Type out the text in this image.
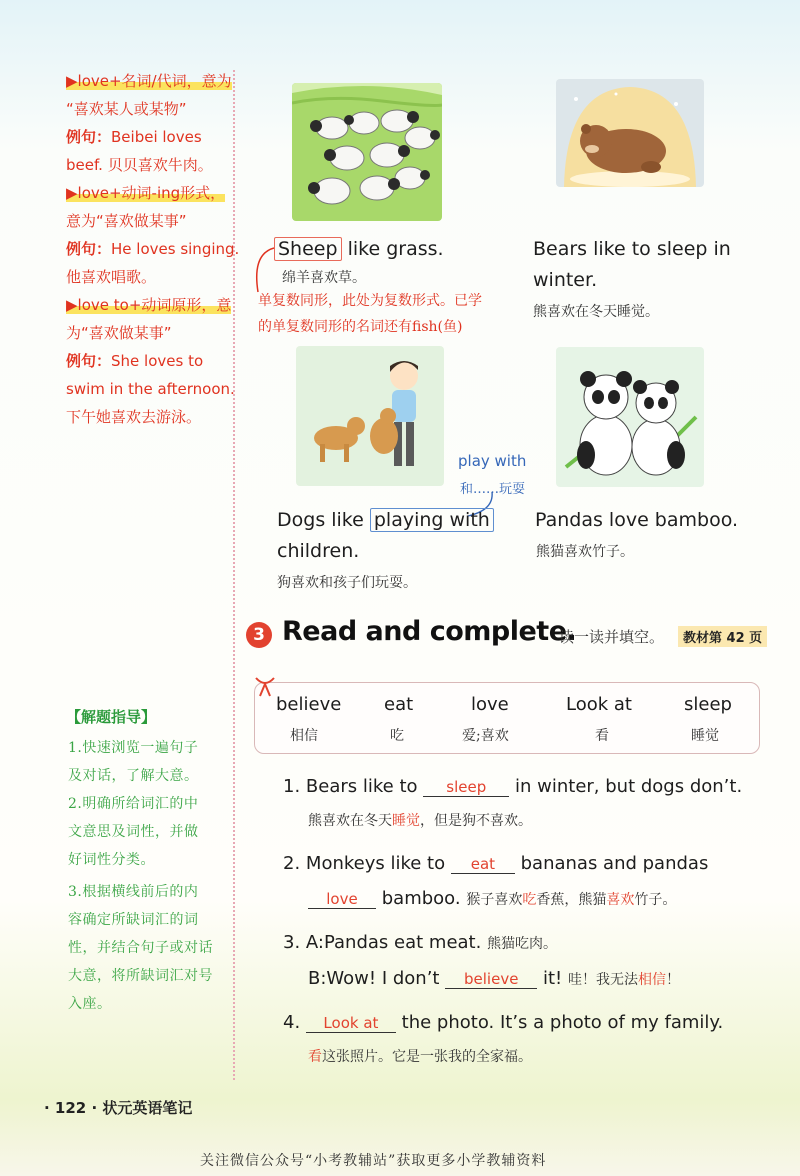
▶love+名词/代词，意为
“喜欢某人或某物”
例句：Beibei loves
beef. 贝贝喜欢牛肉。
▶love+动词-ing形式，
意为“喜欢做某事”
例句：He loves singing.
他喜欢唱歌。
▶love to+动词原形，意
为“喜欢做某事”
例句：She loves to
swim in the afternoon.
下午她喜欢去游泳。
【解题指导】
1.快速浏览一遍句子
及对话，了解大意。
2.明确所给词汇的中
文意思及词性，并做
好词性分类。
3.根据横线前后的内
容确定所缺词汇的词
性，并结合句子或对话
大意，将所缺词汇对号
入座。
Sheep like grass.
绵羊喜欢草。
单复数同形，此处为复数形式。已学
的单复数同形的名词还有fish(鱼)
Bears like to sleep in
winter.
熊喜欢在冬天睡觉。
play with
和……玩耍
Dogs like playing with
children.
狗喜欢和孩子们玩耍。
Pandas love bamboo.
熊猫喜欢竹子。
3 Read and complete.
读一读并填空。	教材第 42 页
believe
相信
eat
吃
love
爱;喜欢
Look at
看
sleep
睡觉
1. Bears like to sleep in winter, but dogs don’t.
熊喜欢在冬天睡觉，但是狗不喜欢。
2. Monkeys like to eat bananas and pandas
love bamboo. 猴子喜欢吃香蕉，熊猫喜欢竹子。
3. A:Pandas eat meat. 熊猫吃肉。
B:Wow! I don’t believe it! 哇！我无法相信！
4. Look at the photo. It’s a photo of my family.
看这张照片。它是一张我的全家福。
· 122 · 状元英语笔记
关注微信公众号“小考教辅站”获取更多小学教辅资料
